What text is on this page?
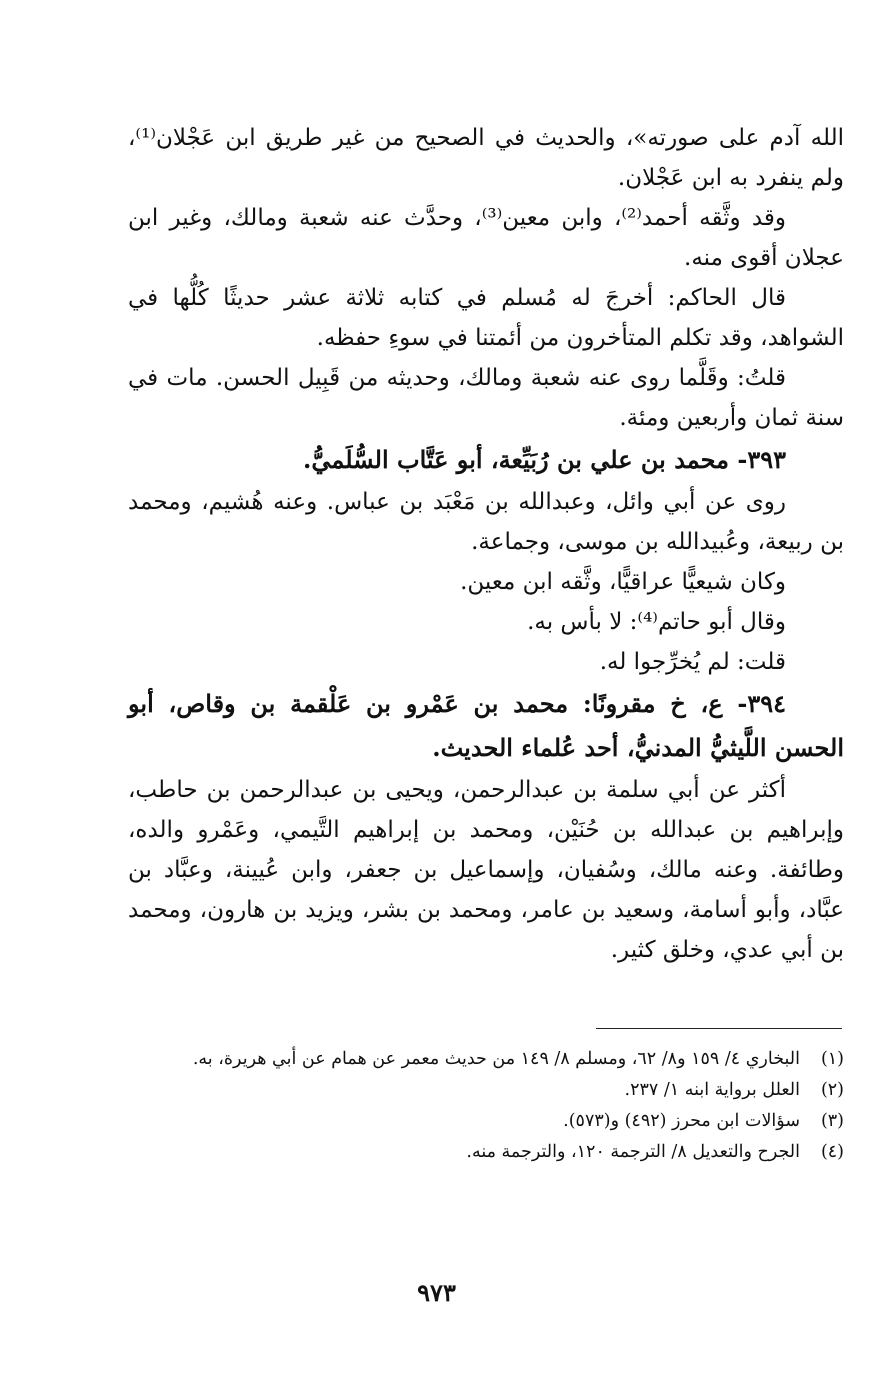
الله آدم على صورته»، والحديث في الصحيح من غير طريق ابن عَجْلان⁽¹⁾، ولم ينفرد به ابن عَجْلان.

وقد وثَّقه أحمد⁽²⁾، وابن معين⁽³⁾، وحدَّث عنه شعبة ومالك، وغير ابن عجلان أقوى منه.

قال الحاكم: أخرجَ له مُسلم في كتابه ثلاثة عشر حديثًا كُلُّها في الشواهد، وقد تكلم المتأخرون من أئمتنا في سوءِ حفظه.

قلتُ: وقَلَّما روى عنه شعبة ومالك، وحديثه من قَبِيل الحسن. مات في سنة ثمان وأربعين ومئة.

٣٩٣- محمد بن علي بن رُبَيِّعة، أبو عَتَّاب السُّلَميُّ.

روى عن أبي وائل، وعبدالله بن مَعْبَد بن عباس. وعنه هُشيم، ومحمد بن ربيعة، وعُبيدالله بن موسى، وجماعة.

وكان شيعيًّا عراقيًّا، وثَّقه ابن معين.

وقال أبو حاتم⁽⁴⁾: لا بأس به.

قلت: لم يُخرِّجوا له.

٣٩٤- ع، خ مقرونًا: محمد بن عَمْرو بن عَلْقمة بن وقاص، أبو الحسن اللَّيثيُّ المدنيُّ، أحد عُلماء الحديث.

أكثر عن أبي سلمة بن عبدالرحمن، ويحيى بن عبدالرحمن بن حاطب، وإبراهيم بن عبدالله بن حُنَيْن، ومحمد بن إبراهيم التَّيمي، وعَمْرو والده، وطائفة. وعنه مالك، وسُفيان، وإسماعيل بن جعفر، وابن عُيينة، وعبَّاد بن عبَّاد، وأبو أسامة، وسعيد بن عامر، ومحمد بن بشر، ويزيد بن هارون، ومحمد بن أبي عدي، وخلق كثير.

(١)
البخاري ٤/ ١٥٩ و٨/ ٦٢، ومسلم ٨/ ١٤٩ من حديث معمر عن همام عن أبي هريرة، به.
(٢)
العلل برواية ابنه ١/ ٢٣٧.
(٣)
سؤالات ابن محرز (٤٩٢) و(٥٧٣).
(٤)
الجرح والتعديل ٨/ الترجمة ١٢٠، والترجمة منه.
٩٧٣
